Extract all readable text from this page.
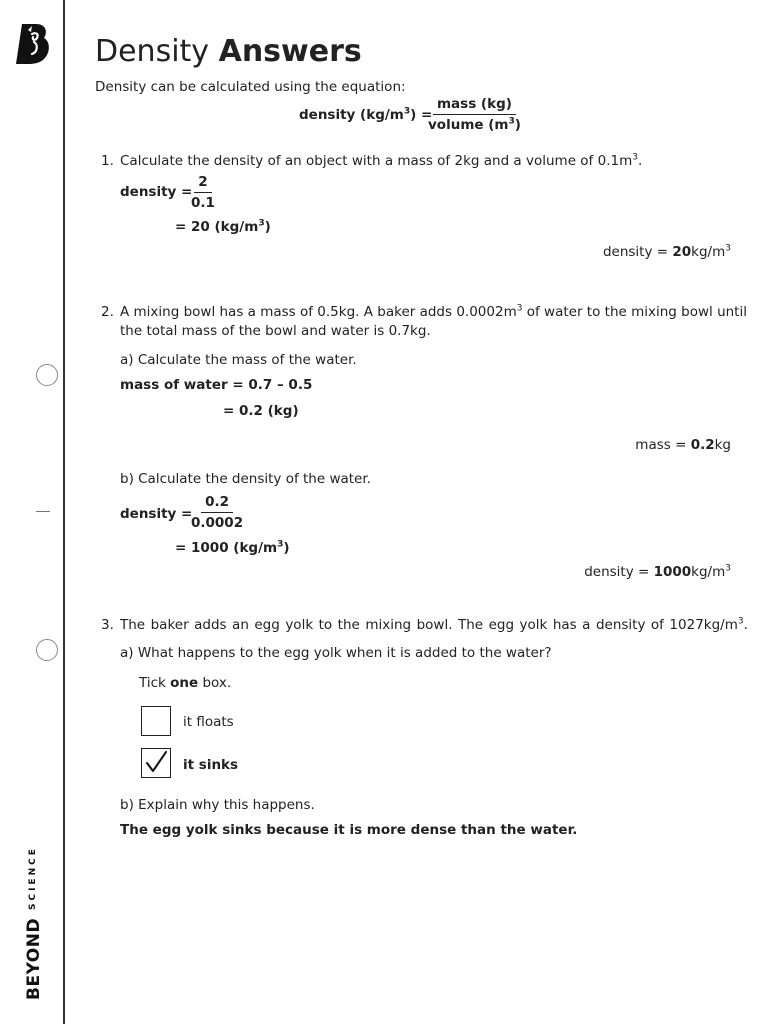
BEYOND
SCIENCE
Density Answers
Density can be calculated using the equation:
density $(kg/m^3)$ =
mass (kg)
volume $(m^3)$
1. Calculate the density of an object with a mass of 2kg and a volume of $0.1m^3$.
density =
$\frac{2}{0.1}$
= 20 $(kg/m^3)$
density = $20kg/m^3$
2. A mixing bowl has a mass of 0.5kg. A baker adds $0.0002m^3$ of water to the mixing bowl until
the total mass of the bowl and water is 0.7kg.
a) Calculate the mass of the water.
mass of water = 0.7 – 0.5
= 0.2 (kg)
mass = 0.2kg
b) Calculate the density of the water.
density =
$\frac{0.2}{0.0002}$
= 1000 $(kg/m^3)$
density = $1000kg/m^3$
3. The baker adds an egg yolk to the mixing bowl. The egg yolk has a density of $1027kg/m^3$.
a) What happens to the egg yolk when it is added to the water?
Tick one box.
it floats
it sinks
b) Explain why this happens.
The egg yolk sinks because it is more dense than the water.
